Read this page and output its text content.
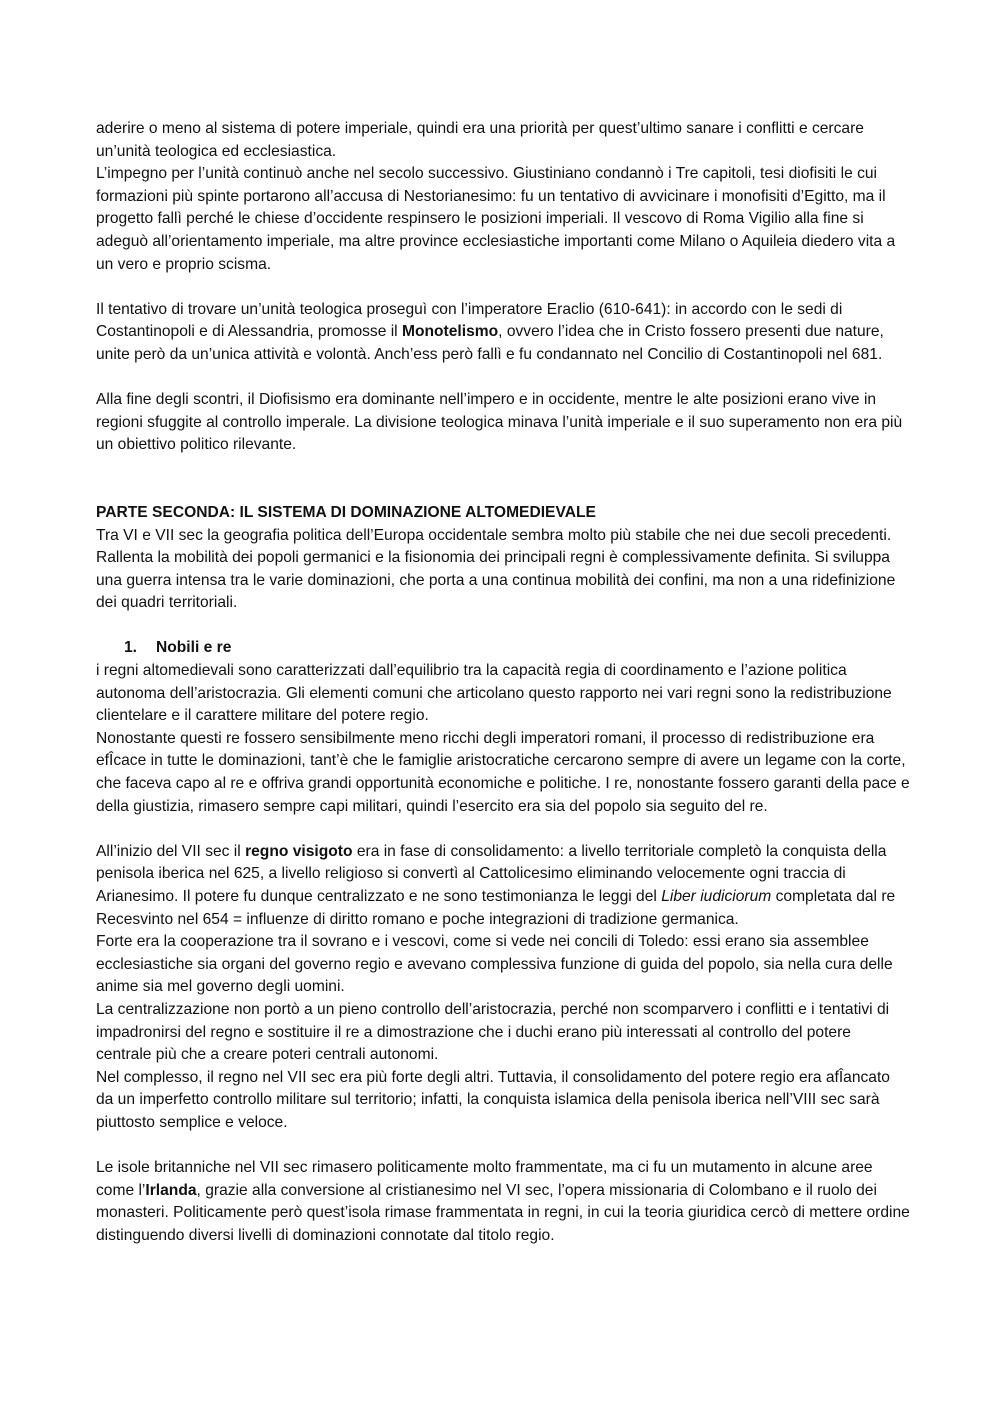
aderire o meno al sistema di potere imperiale, quindi era una priorità per quest’ultimo sanare i conflitti e cercare un’unità teologica ed ecclesiastica.

L’impegno per l’unità continuò anche nel secolo successivo. Giustiniano condannò i Tre capitoli, tesi diofisiti le cui formazioni più spinte portarono all’accusa di Nestorianesimo: fu un tentativo di avvicinare i monofisiti d’Egitto, ma il progetto fallì perché le chiese d’occidente respinsero le posizioni imperiali. Il vescovo di Roma Vigilio alla fine si adeguò all’orientamento imperiale, ma altre province ecclesiastiche importanti come Milano o Aquileia diedero vita a un vero e proprio scisma.

Il tentativo di trovare un’unità teologica proseguì con l’imperatore Eraclio (610-641): in accordo con le sedi di Costantinopoli e di Alessandria, promosse il Monotelismo, ovvero l’idea che in Cristo fossero presenti due nature, unite però da un’unica attività e volontà. Anch’ess però fallì e fu condannato nel Concilio di Costantinopoli nel 681.

Alla fine degli scontri, il Diofisismo era dominante nell’impero e in occidente, mentre le alte posizioni erano vive in regioni sfuggite al controllo imperale. La divisione teologica minava l’unità imperiale e il suo superamento non era più un obiettivo politico rilevante.

PARTE SECONDA: IL SISTEMA DI DOMINAZIONE ALTOMEDIEVALE

Tra VI e VII sec la geografia politica dell’Europa occidentale sembra molto più stabile che nei due secoli precedenti. Rallenta la mobilità dei popoli germanici e la fisionomia dei principali regni è complessivamente definita. Si sviluppa una guerra intensa tra le varie dominazioni, che porta a una continua mobilità dei confini, ma non a una ridefinizione dei quadri territoriali.

1. Nobili e re

i regni altomedievali sono caratterizzati dall’equilibrio tra la capacità regia di coordinamento e l’azione politica autonoma dell’aristocrazia. Gli elementi comuni che articolano questo rapporto nei vari regni sono la redistribuzione clientelare e il carattere militare del potere regio.

Nonostante questi re fossero sensibilmente meno ricchi degli imperatori romani, il processo di redistribuzione era efÎcace in tutte le dominazioni, tant’è che le famiglie aristocratiche cercarono sempre di avere un legame con la corte, che faceva capo al re e offriva grandi opportunità economiche e politiche. I re, nonostante fossero garanti della pace e della giustizia, rimasero sempre capi militari, quindi l’esercito era sia del popolo sia seguito del re.

All’inizio del VII sec il regno visigoto era in fase di consolidamento: a livello territoriale completò la conquista della penisola iberica nel 625, a livello religioso si convertì al Cattolicesimo eliminando velocemente ogni traccia di Arianesimo. Il potere fu dunque centralizzato e ne sono testimonianza le leggi del Liber iudiciorum completata dal re Recesvinto nel 654 = influenze di diritto romano e poche integrazioni di tradizione germanica.

Forte era la cooperazione tra il sovrano e i vescovi, come si vede nei concili di Toledo: essi erano sia assemblee ecclesiastiche sia organi del governo regio e avevano complessiva funzione di guida del popolo, sia nella cura delle anime sia mel governo degli uomini.

La centralizzazione non portò a un pieno controllo dell’aristocrazia, perché non scomparvero i conflitti e i tentativi di impadronirsi del regno e sostituire il re a dimostrazione che i duchi erano più interessati al controllo del potere centrale più che a creare poteri centrali autonomi.

Nel complesso, il regno nel VII sec era più forte degli altri. Tuttavia, il consolidamento del potere regio era afÎancato da un imperfetto controllo militare sul territorio; infatti, la conquista islamica della penisola iberica nell’VIII sec sarà piuttosto semplice e veloce.

Le isole britanniche nel VII sec rimasero politicamente molto frammentate, ma ci fu un mutamento in alcune aree come l’Irlanda, grazie alla conversione al cristianesimo nel VI sec, l’opera missionaria di Colombano e il ruolo dei monasteri. Politicamente però quest’isola rimase frammentata in regni, in cui la teoria giuridica cercò di mettere ordine distinguendo diversi livelli di dominazioni connotate dal titolo regio.
